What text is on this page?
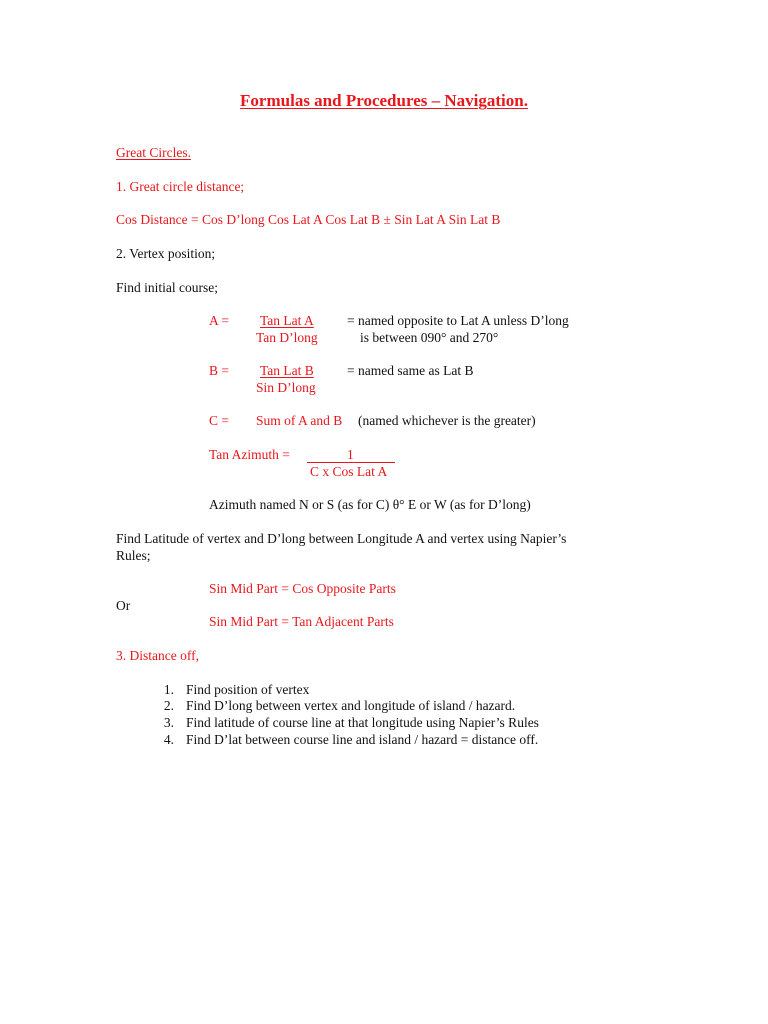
Formulas and Procedures – Navigation.
Great Circles.
1. Great circle distance;
Cos Distance = Cos D’long Cos Lat A Cos Lat B ± Sin Lat A Sin Lat B
2. Vertex position;
Find initial course;
A = Tan Lat A
Tan D’long
= named opposite to Lat A unless D’long
is between 090° and 270°
B = Tan Lat B
Sin D’long
= named same as Lat B
C = Sum of A and B (named whichever is the greater)
Tan Azimuth =	1
C x Cos Lat A
Azimuth named N or S (as for C) θ° E or W (as for D’long)
Find Latitude of vertex and D’long between Longitude A and vertex using Napier’s
Rules;
Sin Mid Part = Cos Opposite Parts
Or
Sin Mid Part = Tan Adjacent Parts
3. Distance off,
1. Find position of vertex
2. Find D’long between vertex and longitude of island / hazard.
3. Find latitude of course line at that longitude using Napier’s Rules
4. Find D’lat between course line and island / hazard = distance off.
